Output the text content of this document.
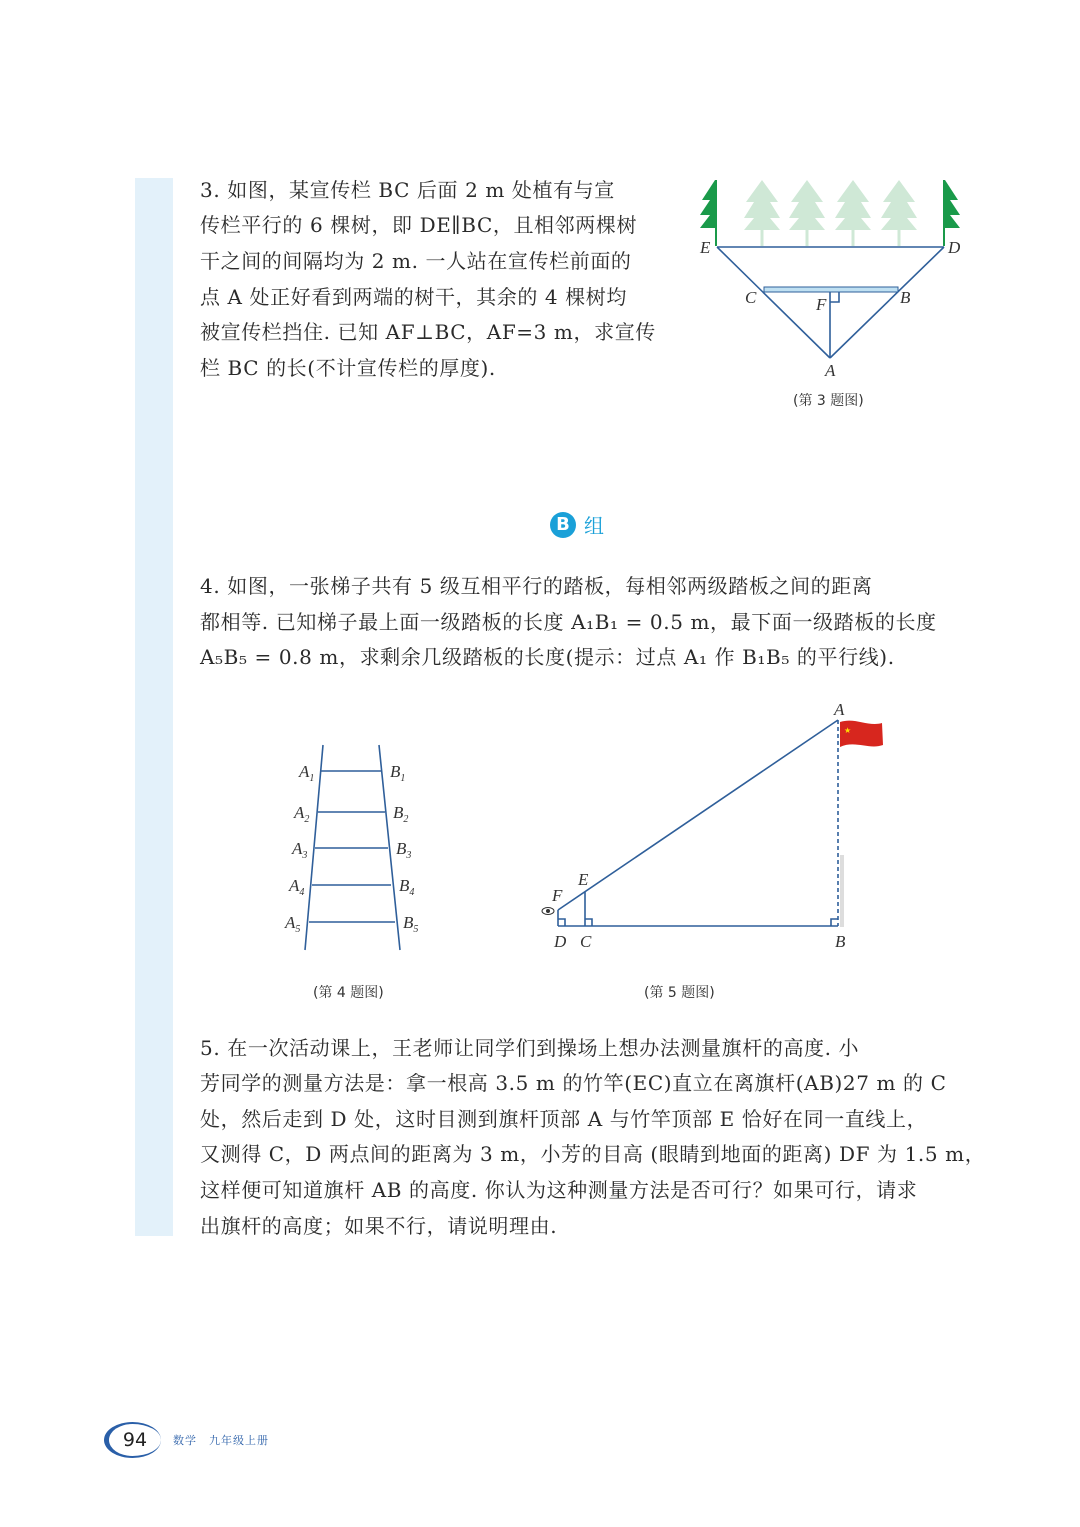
3. 如图，某宣传栏 BC 后面 2 m 处植有与宣
传栏平行的 6 棵树，即 DE∥BC，且相邻两棵树
干之间的间隔均为 2 m. 一人站在宣传栏前面的
点 A 处正好看到两端的树干，其余的 4 棵树均
被宣传栏挡住. 已知 AF⊥BC，AF=3 m，求宣传
栏 BC 的长(不计宣传栏的厚度).
E	D
C	F	B
A
(第 3 题图)
B 组
4. 如图，一张梯子共有 5 级互相平行的踏板，每相邻两级踏板之间的距离
都相等. 已知梯子最上面一级踏板的长度 A₁B₁ = 0.5 m，最下面一级踏板的长度
A₅B₅ = 0.8 m，求剩余几级踏板的长度(提示：过点 A₁ 作 B₁B₅ 的平行线).
$A_1$
$A_2$
$A_3$
$A_4$
$A_5$
$B_1$
$B_2$
$B_3$
$B_4$
$B_5$
(第 4 题图)
★
A
E
F
D C	B
(第 5 题图)
5. 在一次活动课上，王老师让同学们到操场上想办法测量旗杆的高度. 小
芳同学的测量方法是：拿一根高 3.5 m 的竹竿(EC)直立在离旗杆(AB)27 m 的 C
处，然后走到 D 处，这时目测到旗杆顶部 A 与竹竿顶部 E 恰好在同一直线上，
又测得 C，D 两点间的距离为 3 m，小芳的目高 (眼睛到地面的距离) DF 为 1.5 m，
这样便可知道旗杆 AB 的高度. 你认为这种测量方法是否可行？如果可行，请求
出旗杆的高度；如果不行，请说明理由.
94	数学　九年级上册
